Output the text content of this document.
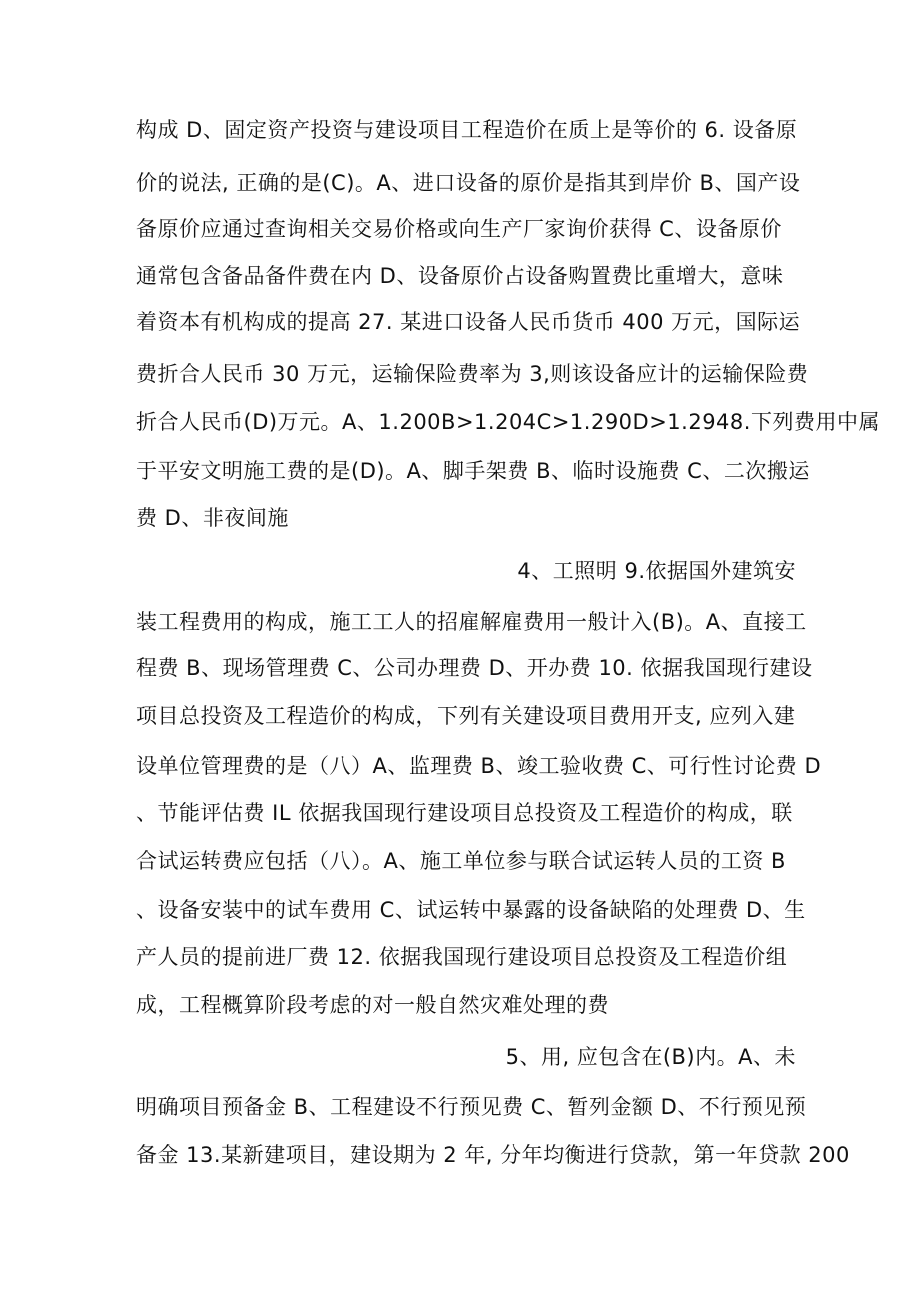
构成 D、固定资产投资与建设项目工程造价在质上是等价的 6. 设备原
价的说法, 正确的是(C)。A、进口设备的原价是指其到岸价 B、国产设
备原价应通过查询相关交易价格或向生产厂家询价获得 C、设备原价
通常包含备品备件费在内 D、设备原价占设备购置费比重增大，意味
着资本有机构成的提高 27. 某进口设备人民币货币 400 万元，国际运
费折合人民币 30 万元，运输保险费率为 3,则该设备应计的运输保险费
折合人民币(D)万元。A、1.200B>1.204C>1.290D>1.2948.下列费用中属
于平安文明施工费的是(D)。A、脚手架费 B、临时设施费 C、二次搬运
费 D、非夜间施
4、工照明 9.依据国外建筑安
装工程费用的构成，施工工人的招雇解雇费用一般计入(B)。A、直接工
程费 B、现场管理费 C、公司办理费 D、开办费 10. 依据我国现行建设
项目总投资及工程造价的构成，下列有关建设项目费用开支, 应列入建
设单位管理费的是（八）A、监理费 B、竣工验收费 C、可行性讨论费 D
、节能评估费 IL 依据我国现行建设项目总投资及工程造价的构成，联
合试运转费应包括（八）。A、施工单位参与联合试运转人员的工资 B
、设备安装中的试车费用 C、试运转中暴露的设备缺陷的处理费 D、生
产人员的提前进厂费 12. 依据我国现行建设项目总投资及工程造价组
成，工程概算阶段考虑的对一般自然灾难处理的费
5、用, 应包含在(B)内。A、未
明确项目预备金 B、工程建设不行预见费 C、暂列金额 D、不行预见预
备金 13.某新建项目，建设期为 2 年, 分年均衡进行贷款，第一年贷款 200
